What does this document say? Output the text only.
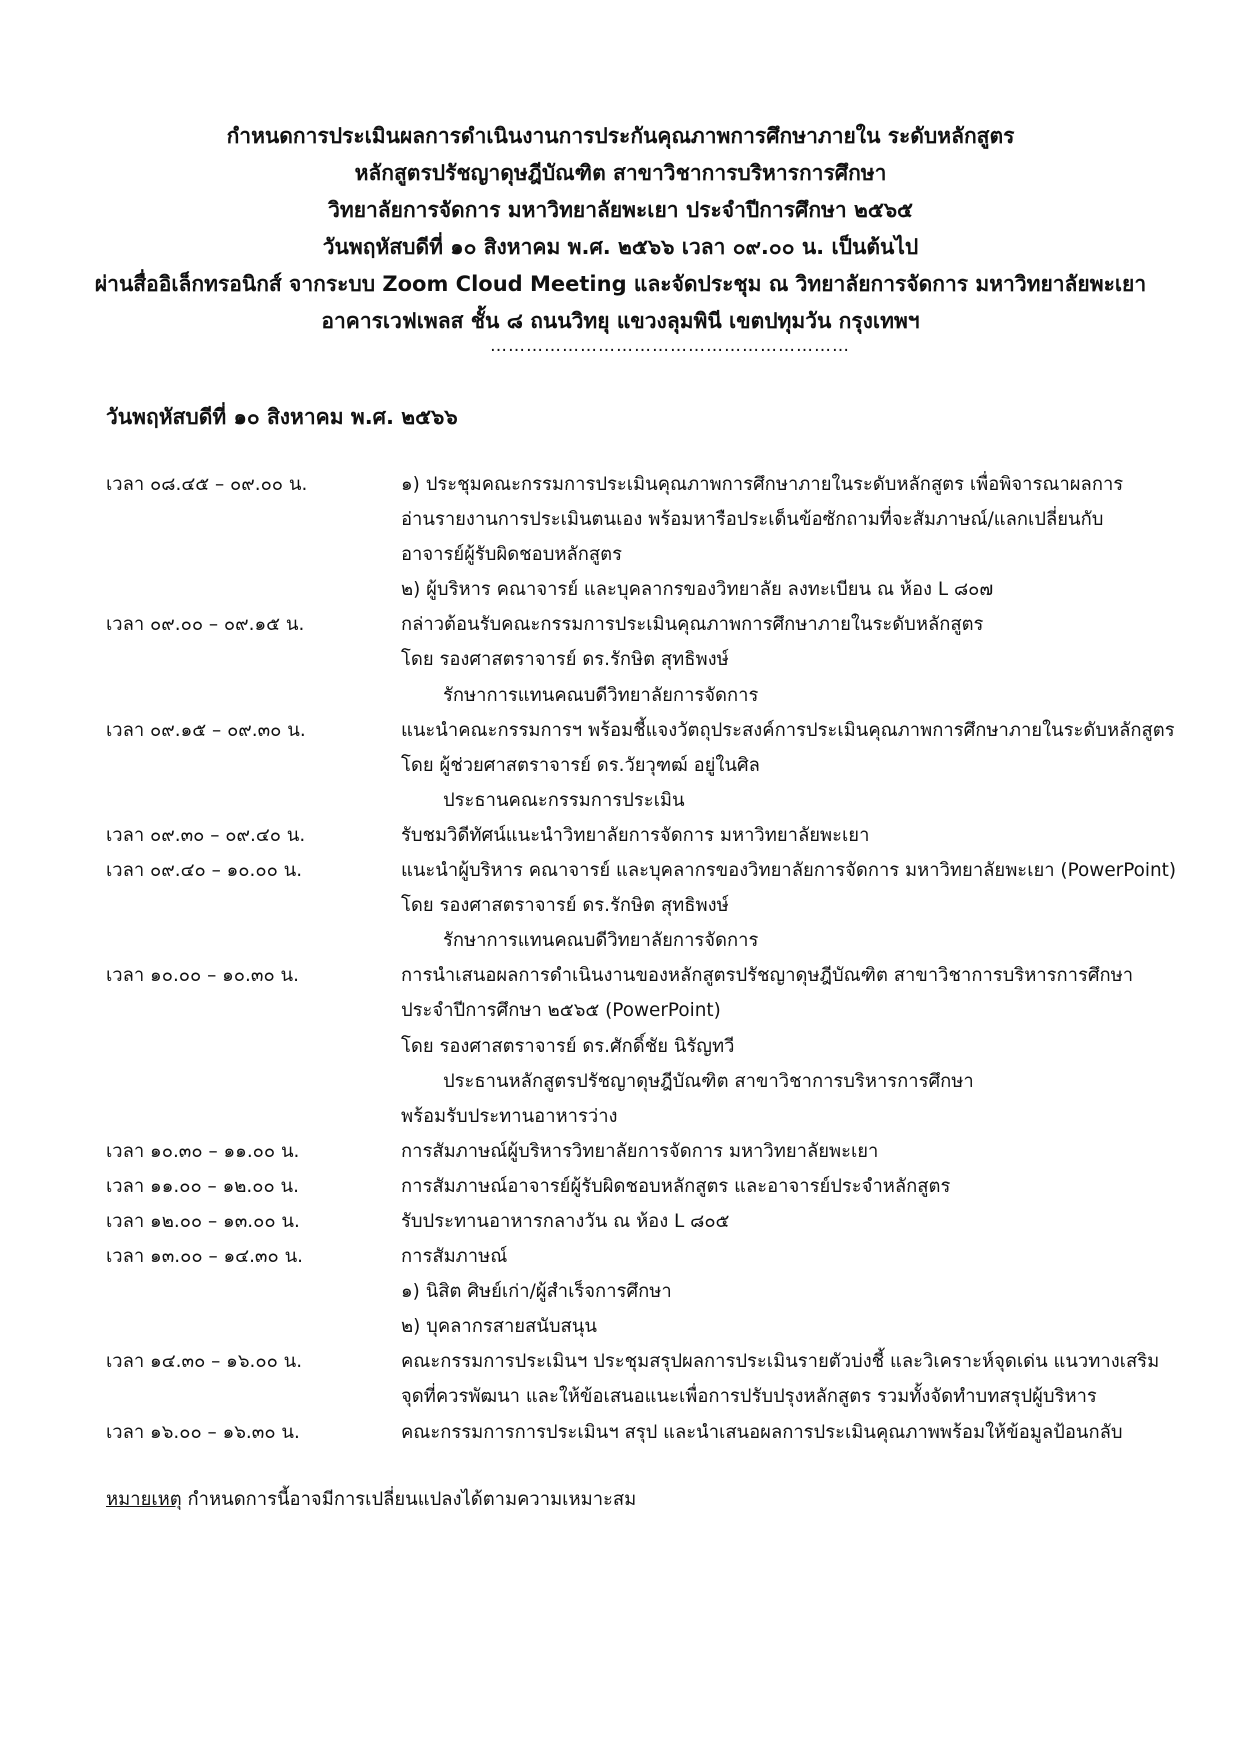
กำหนดการประเมินผลการดำเนินงานการประกันคุณภาพการศึกษาภายใน ระดับหลักสูตร
หลักสูตรปรัชญาดุษฎีบัณฑิต สาขาวิชาการบริหารการศึกษา
วิทยาลัยการจัดการ มหาวิทยาลัยพะเยา ประจำปีการศึกษา ๒๕๖๕
วันพฤหัสบดีที่ ๑๐ สิงหาคม พ.ศ. ๒๕๖๖ เวลา ๐๙.๐๐ น. เป็นต้นไป
ผ่านสื่ออิเล็กทรอนิกส์ จากระบบ Zoom Cloud Meeting และจัดประชุม ณ วิทยาลัยการจัดการ มหาวิทยาลัยพะเยา
อาคารเวฟเพลส ชั้น ๘ ถนนวิทยุ แขวงลุมพินี เขตปทุมวัน กรุงเทพฯ
……………………………………………………
วันพฤหัสบดีที่ ๑๐ สิงหาคม พ.ศ. ๒๕๖๖
เวลา ๐๘.๔๕ – ๐๙.๐๐ น.	๑) ประชุมคณะกรรมการประเมินคุณภาพการศึกษาภายในระดับหลักสูตร เพื่อพิจารณาผลการ
อ่านรายงานการประเมินตนเอง พร้อมหารือประเด็นข้อซักถามที่จะสัมภาษณ์/แลกเปลี่ยนกับ
อาจารย์ผู้รับผิดชอบหลักสูตร
๒) ผู้บริหาร คณาจารย์ และบุคลากรของวิทยาลัย ลงทะเบียน ณ ห้อง L ๘๐๗
เวลา ๐๙.๐๐ – ๐๙.๑๕ น.	กล่าวต้อนรับคณะกรรมการประเมินคุณภาพการศึกษาภายในระดับหลักสูตร
โดย รองศาสตราจารย์ ดร.รักษิต สุทธิพงษ์
รักษาการแทนคณบดีวิทยาลัยการจัดการ
เวลา ๐๙.๑๕ – ๐๙.๓๐ น.	แนะนำคณะกรรมการฯ พร้อมชี้แจงวัตถุประสงค์การประเมินคุณภาพการศึกษาภายในระดับหลักสูตร
โดย ผู้ช่วยศาสตราจารย์ ดร.วัยวุฑฒ์ อยู่ในศิล
ประธานคณะกรรมการประเมิน
เวลา ๐๙.๓๐ – ๐๙.๔๐ น.	รับชมวิดีทัศน์แนะนำวิทยาลัยการจัดการ มหาวิทยาลัยพะเยา
เวลา ๐๙.๔๐ – ๑๐.๐๐ น.	แนะนำผู้บริหาร คณาจารย์ และบุคลากรของวิทยาลัยการจัดการ มหาวิทยาลัยพะเยา (PowerPoint)
โดย รองศาสตราจารย์ ดร.รักษิต สุทธิพงษ์
รักษาการแทนคณบดีวิทยาลัยการจัดการ
เวลา ๑๐.๐๐ – ๑๐.๓๐ น.	การนำเสนอผลการดำเนินงานของหลักสูตรปรัชญาดุษฎีบัณฑิต สาขาวิชาการบริหารการศึกษา
ประจำปีการศึกษา ๒๕๖๕ (PowerPoint)
โดย รองศาสตราจารย์ ดร.ศักดิ์ชัย นิรัญทวี
ประธานหลักสูตรปรัชญาดุษฎีบัณฑิต สาขาวิชาการบริหารการศึกษา
พร้อมรับประทานอาหารว่าง
เวลา ๑๐.๓๐ – ๑๑.๐๐ น.	การสัมภาษณ์ผู้บริหารวิทยาลัยการจัดการ มหาวิทยาลัยพะเยา
เวลา ๑๑.๐๐ – ๑๒.๐๐ น.	การสัมภาษณ์อาจารย์ผู้รับผิดชอบหลักสูตร และอาจารย์ประจำหลักสูตร
เวลา ๑๒.๐๐ – ๑๓.๐๐ น.	รับประทานอาหารกลางวัน ณ ห้อง L ๘๐๕
เวลา ๑๓.๐๐ – ๑๔.๓๐ น.	การสัมภาษณ์
๑) นิสิต ศิษย์เก่า/ผู้สำเร็จการศึกษา
๒) บุคลากรสายสนับสนุน
เวลา ๑๔.๓๐ – ๑๖.๐๐ น.	คณะกรรมการประเมินฯ ประชุมสรุปผลการประเมินรายตัวบ่งชี้ และวิเคราะห์จุดเด่น แนวทางเสริม
จุดที่ควรพัฒนา และให้ข้อเสนอแนะเพื่อการปรับปรุงหลักสูตร รวมทั้งจัดทำบทสรุปผู้บริหาร
เวลา ๑๖.๐๐ – ๑๖.๓๐ น.	คณะกรรมการการประเมินฯ สรุป และนำเสนอผลการประเมินคุณภาพพร้อมให้ข้อมูลป้อนกลับ
หมายเหตุ กำหนดการนี้อาจมีการเปลี่ยนแปลงได้ตามความเหมาะสม
